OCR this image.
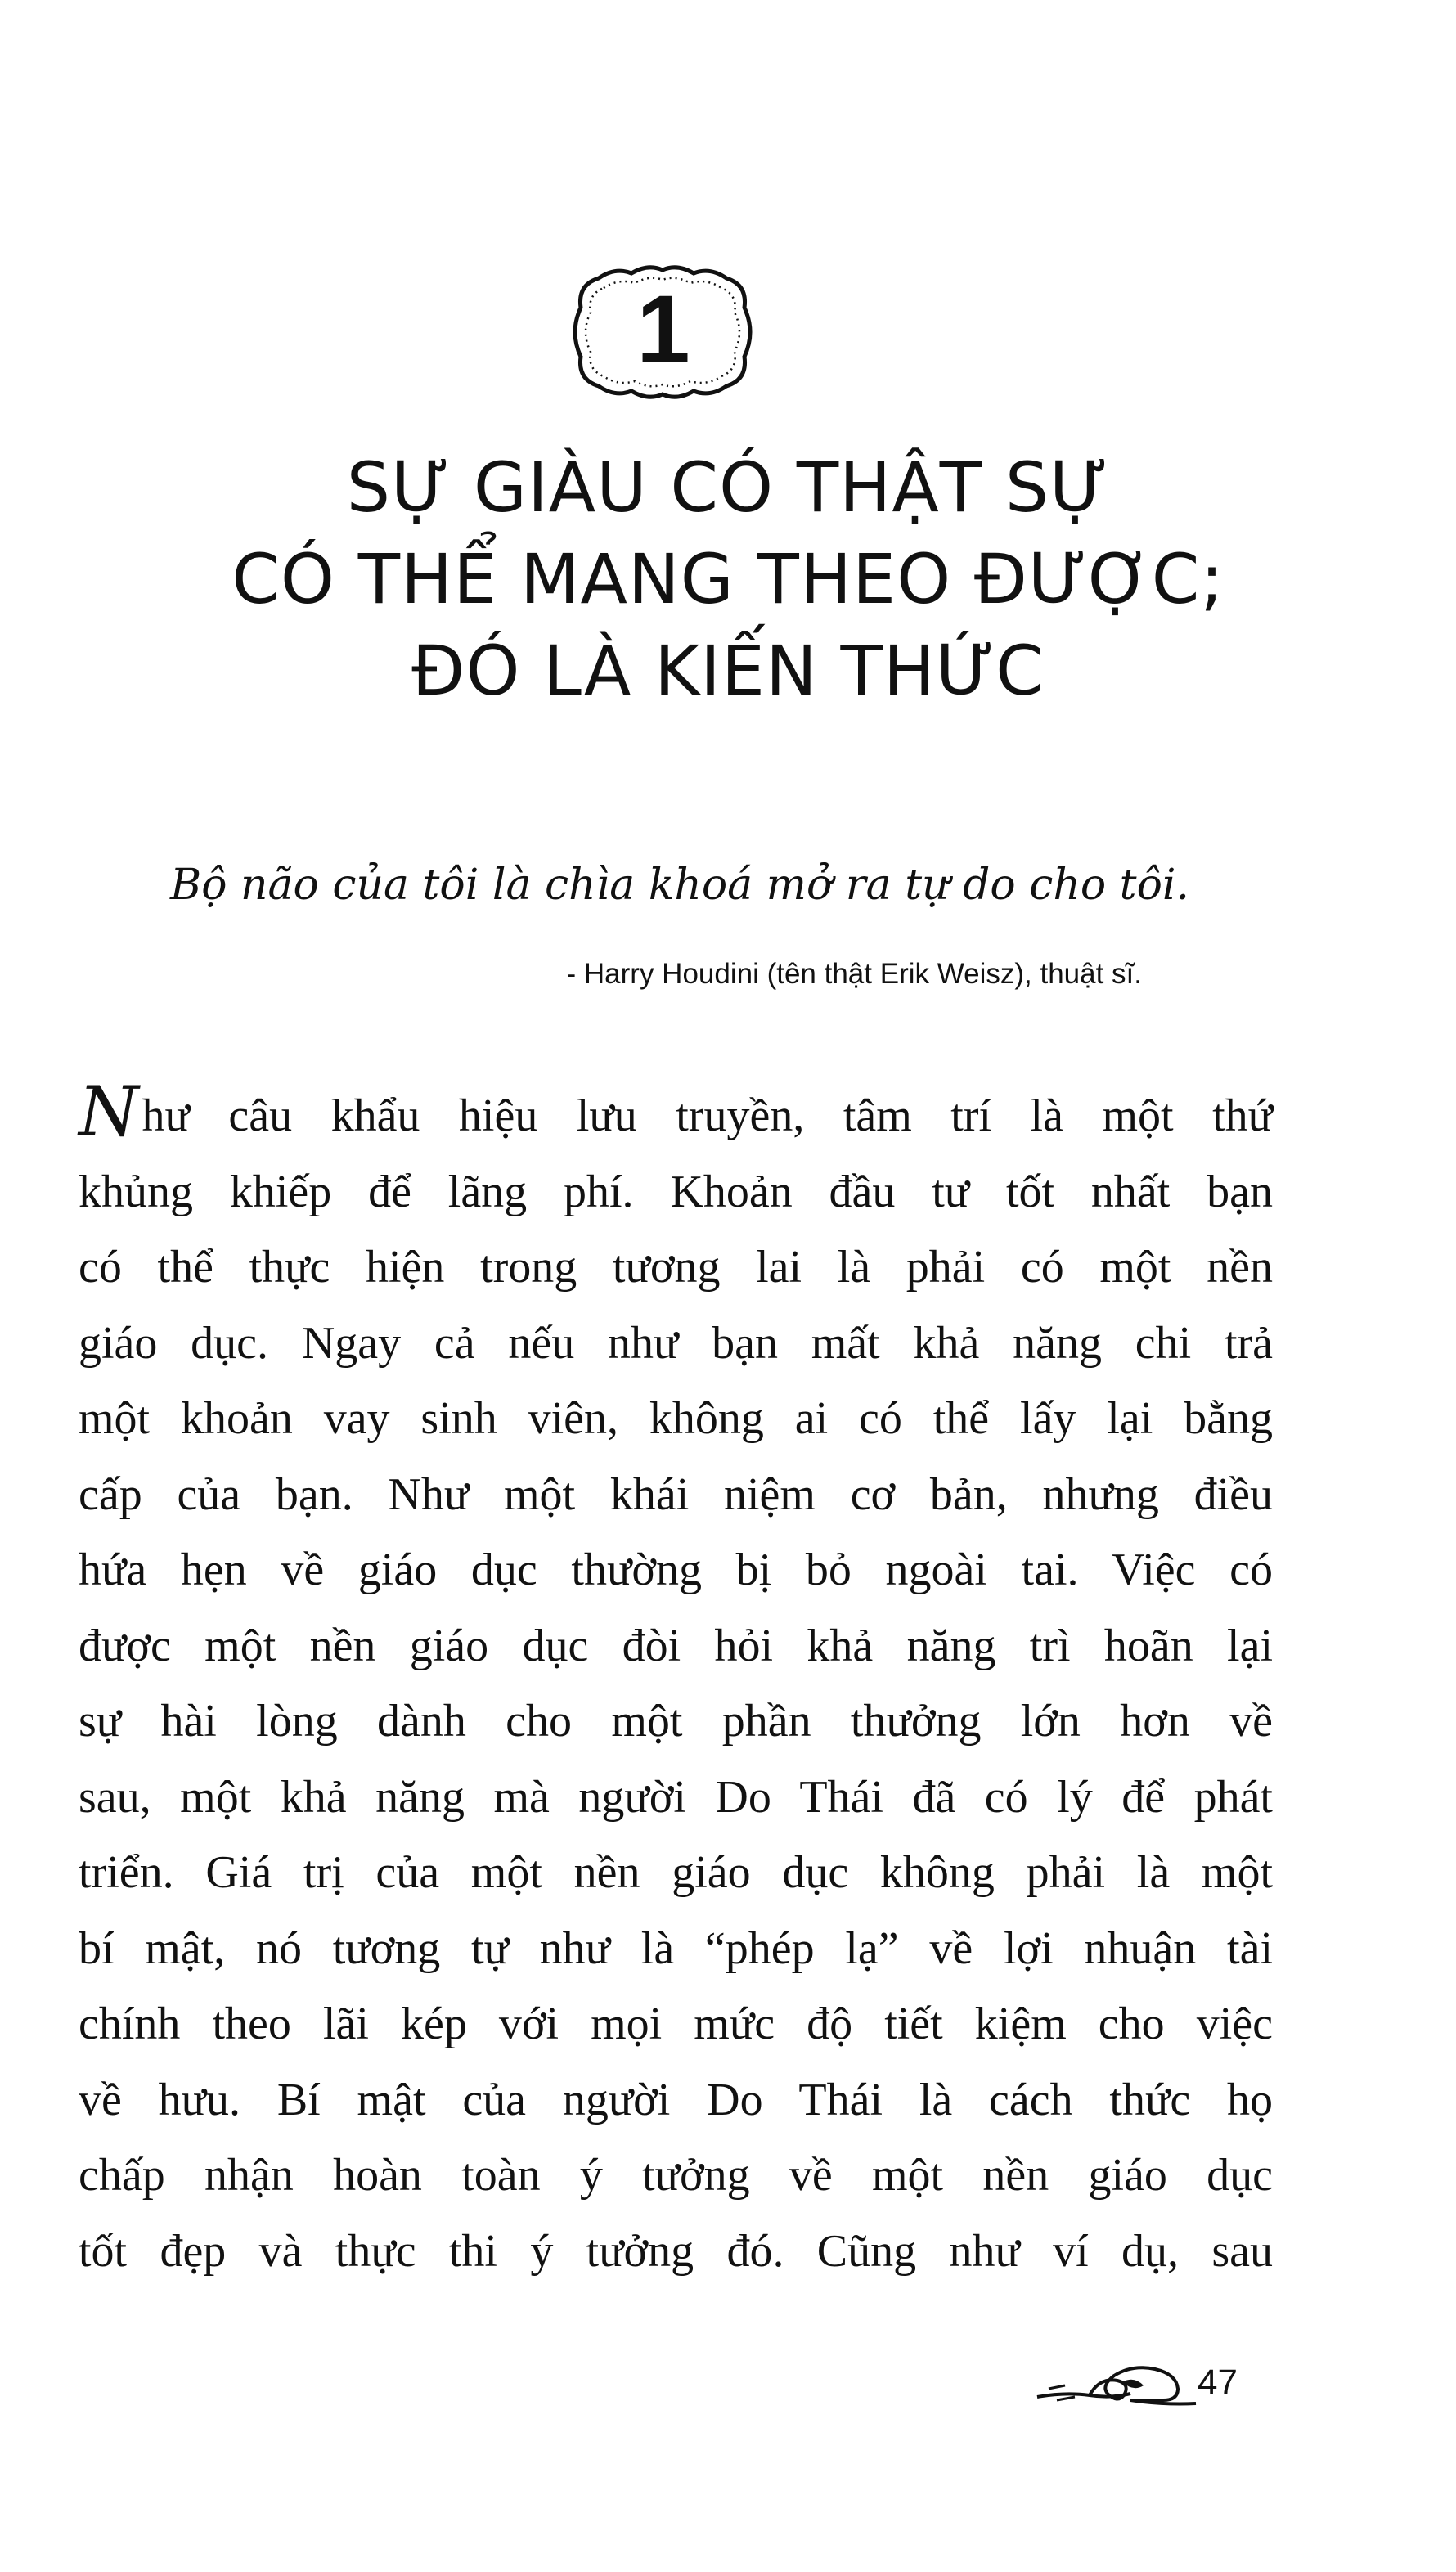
1
SỰ GIÀU CÓ THẬT SỰ
CÓ THỂ MANG THEO ĐƯỢC;
ĐÓ LÀ KIẾN THỨC
Bộ não của tôi là chìa khoá mở ra tự do cho tôi.
- Harry Houdini (tên thật Erik Weisz), thuật sĩ.
Như câu khẩu hiệu lưu truyền, tâm trí là một thứ
khủng khiếp để lãng phí. Khoản đầu tư tốt nhất bạn
có thể thực hiện trong tương lai là phải có một nền
giáo dục. Ngay cả nếu như bạn mất khả năng chi trả
một khoản vay sinh viên, không ai có thể lấy lại bằng
cấp của bạn. Như một khái niệm cơ bản, nhưng điều
hứa hẹn về giáo dục thường bị bỏ ngoài tai. Việc có
được một nền giáo dục đòi hỏi khả năng trì hoãn lại
sự hài lòng dành cho một phần thưởng lớn hơn về
sau, một khả năng mà người Do Thái đã có lý để phát
triển. Giá trị của một nền giáo dục không phải là một
bí mật, nó tương tự như là “phép lạ” về lợi nhuận tài
chính theo lãi kép với mọi mức độ tiết kiệm cho việc
về hưu. Bí mật của người Do Thái là cách thức họ
chấp nhận hoàn toàn ý tưởng về một nền giáo dục
tốt đẹp và thực thi ý tưởng đó. Cũng như ví dụ, sau
47
